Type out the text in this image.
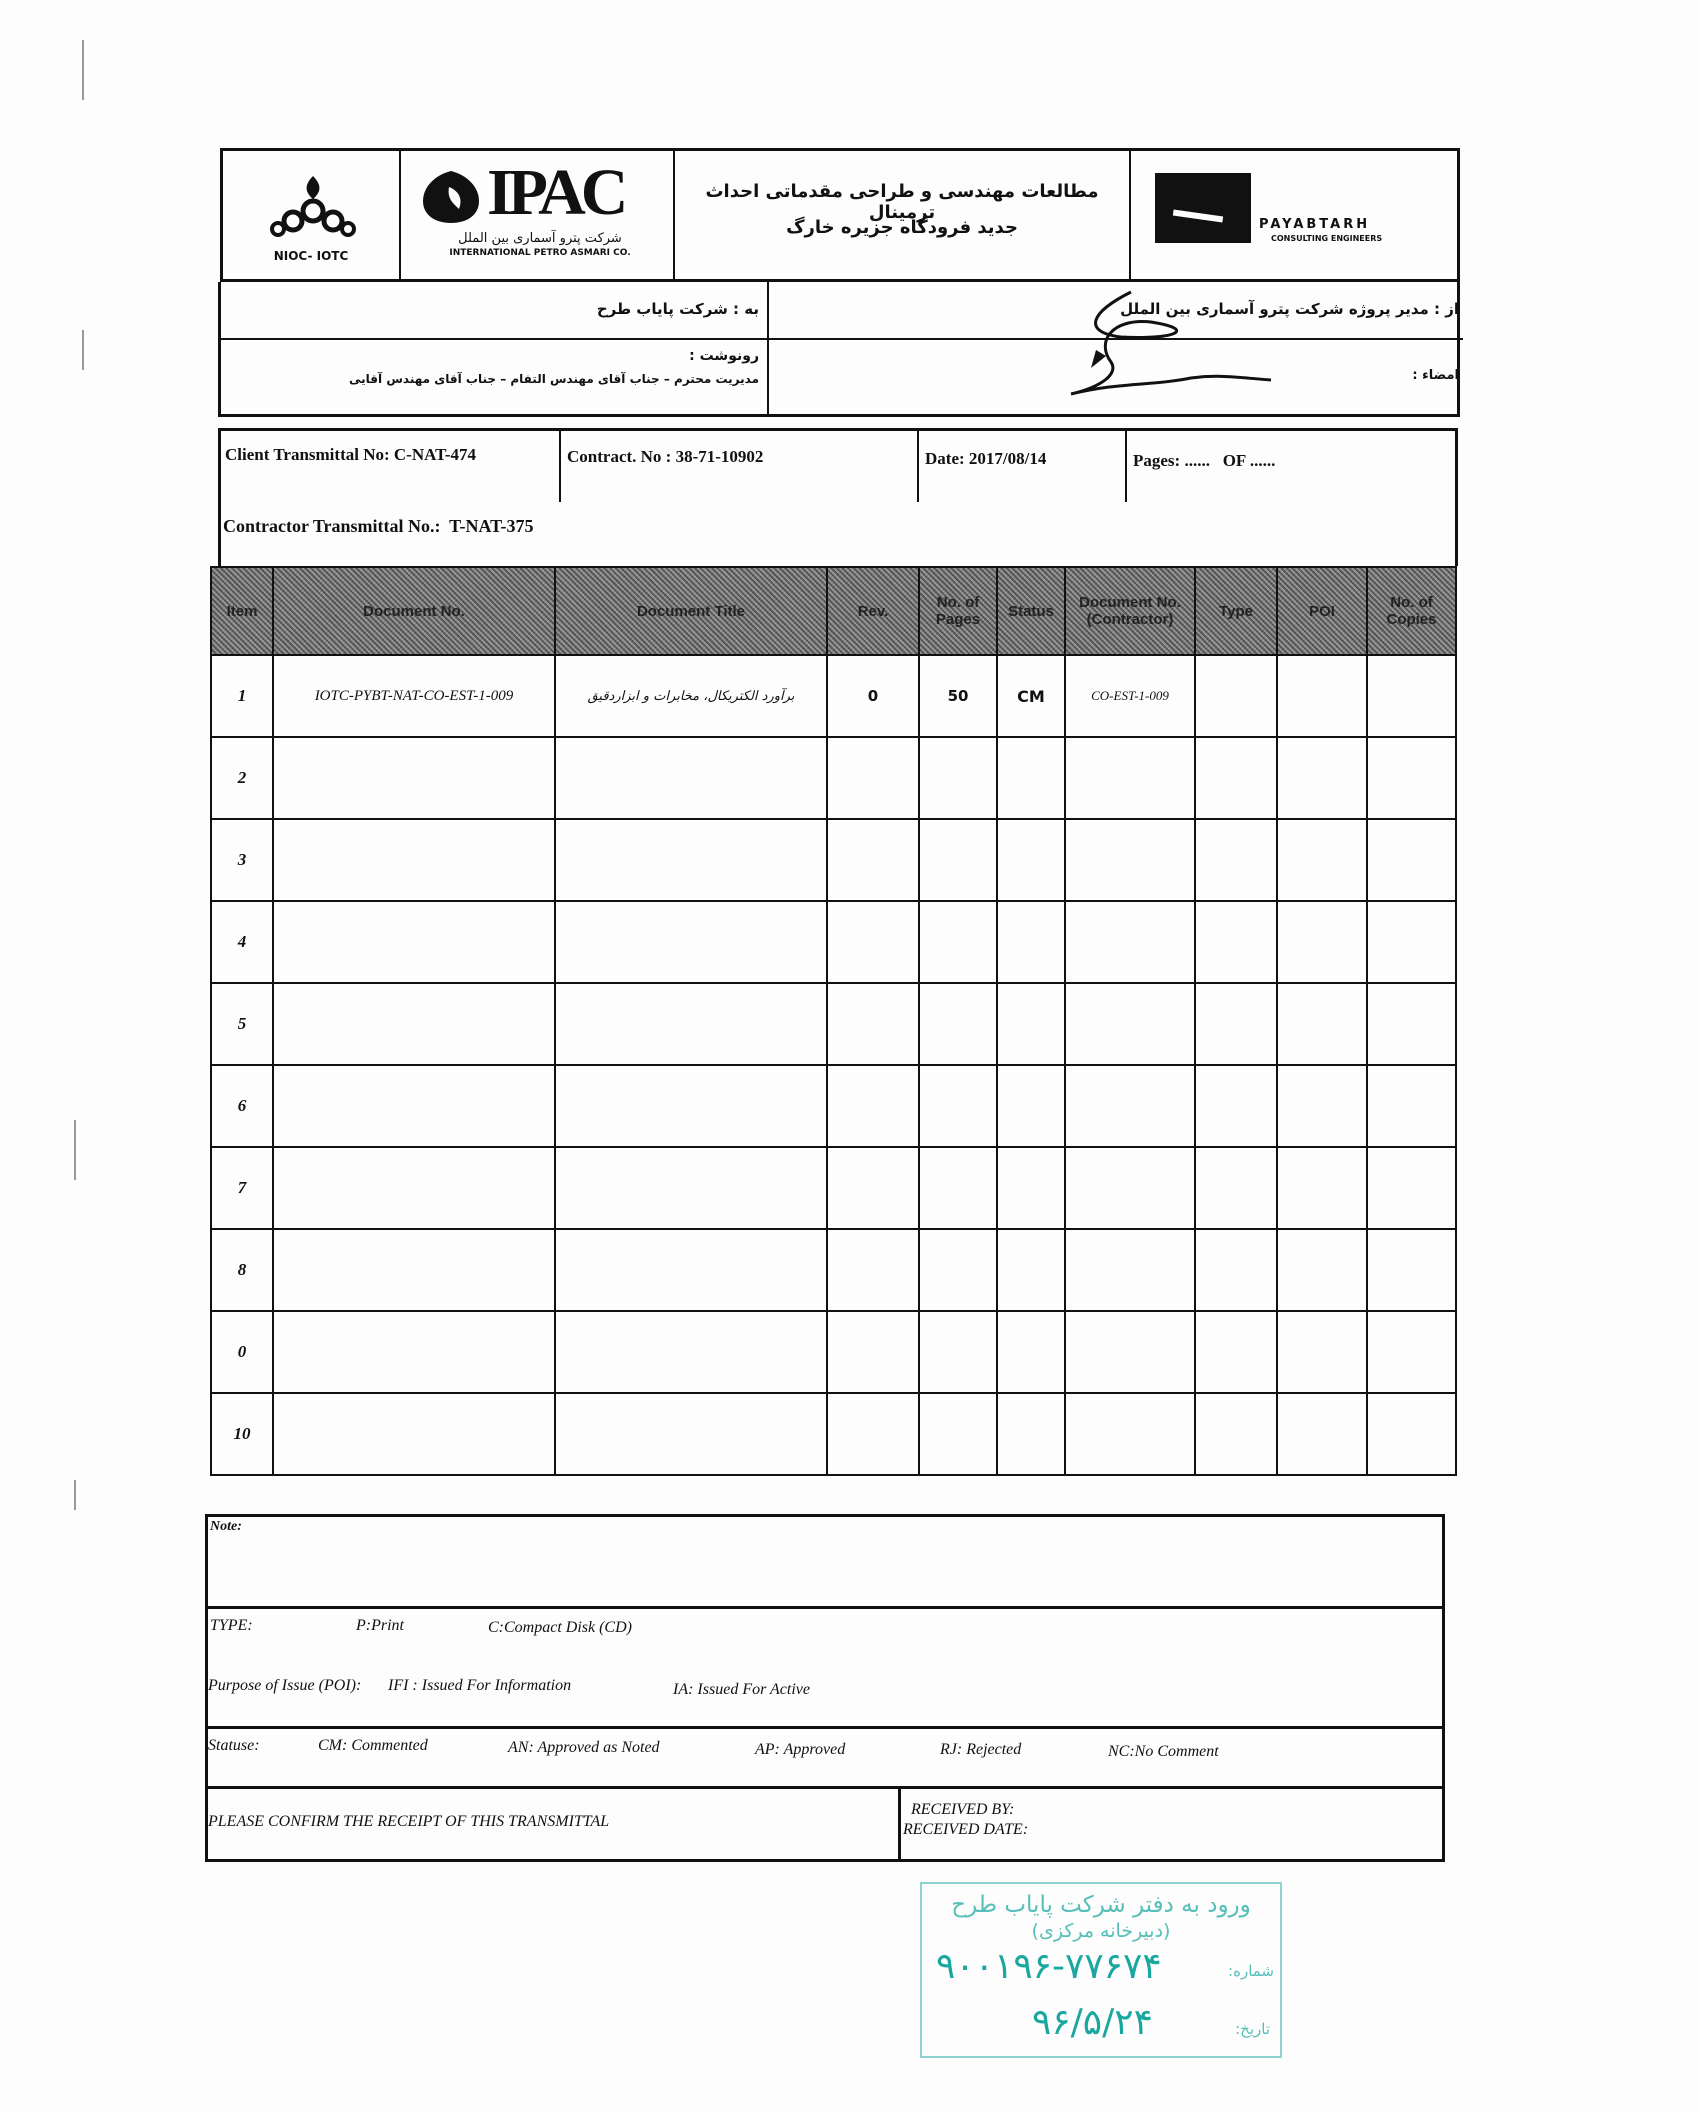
NIOC- IOTC
IPAC
شرکت پترو آسماری بین الملل
INTERNATIONAL PETRO ASMARI CO.
مطالعات مهندسی و طراحی مقدماتی احداث ترمینال
جدید فرودگاه جزیره خارگ	PAYABTARH
CONSULTING ENGINEERS
به : شرکت پایاب طرح
رونوشت :
مدیریت محترم – جناب آقای مهندس التفام – جناب آقای مهندس آقایی
از : مدیر پروژه شرکت پترو آسماری بین الملل
امضاء :
Client Transmittal No: C-NAT-474	Contract. No : 38-71-10902	Date: 2017/08/14	Pages: ......   OF ......
Contractor Transmittal No.:  T-NAT-375
Item	Document No.	Document Title	Rev.	No. of Pages	Status	Document No. (Contractor)	Type	POI	No. of Copies
1	IOTC-PYBT-NAT-CO-EST-1-009	برآورد الکتریکال، مخابرات و ابزاردقیق	0	50	CM	CO-EST-1-009			
2									
3									
4									
5									
6									
7									
8									
0									
10									
Note:
TYPE:	P:Print	C:Compact Disk (CD)
Purpose of Issue (POI): IFI : Issued For Information	IA: Issued For Active
Statuse:	CM: Commented	AN: Approved as Noted	AP: Approved	RJ: Rejected	NC:No Comment
PLEASE CONFIRM THE RECEIPT OF THIS TRANSMITTAL
RECEIVED BY:
RECEIVED DATE:
ورود به دفتر شرکت پایاب طرح
(دبیرخانه مرکزی)
شماره:
۹۰۰۱۹۶-۷۷۶۷۴
تاریخ:
۹۶/۵/۲۴
